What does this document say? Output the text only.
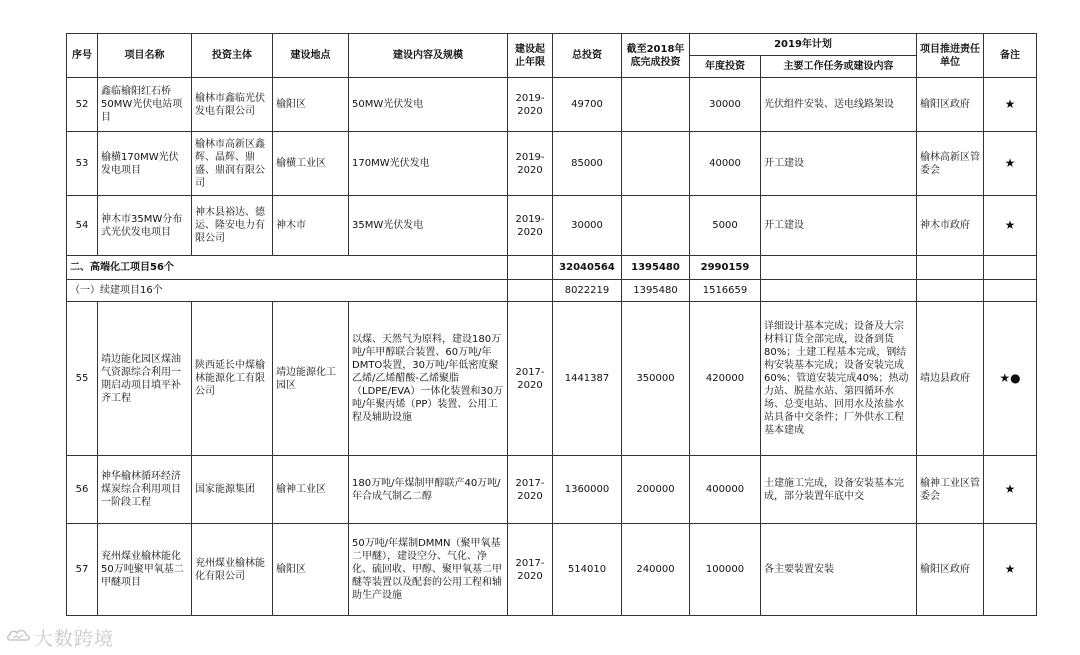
序号	项目名称	投资主体	建设地点	建设内容及规模	建设起止年限	总投资	截至2018年底完成投资	2019年计划		项目推进责任单位	备注
								年度投资	主要工作任务或建设内容		
52	鑫临榆阳红石桥50MW光伏电站项目	榆林市鑫临光伏发电有限公司	榆阳区	50MW光伏发电	2019-2020	49700		30000	光伏组件安装、送电线路架设	榆阳区政府	★
53	榆横170MW光伏发电项目	榆林市高新区鑫辉、晶辉、鼎盛、鼎润有限公司	榆横工业区	170MW光伏发电	2019-2020	85000		40000	开工建设	榆林高新区管委会	★
54	神木市35MW分布式光伏发电项目	神木县裕达、德运、隆安电力有限公司	神木市	35MW光伏发电	2019-2020	30000		5000	开工建设	神木市政府	★
二、高端化工项目56个						32040564	1395480	2990159			
（一）续建项目16个						8022219	1395480	1516659			
55	靖边能化园区煤油气资源综合利用一期启动项目填平补齐工程	陕西延长中煤榆林能源化工有限公司	靖边能源化工园区	以煤、天然气为原料，建设180万吨/年甲醇联合装置、60万吨/年DMTO装置，30万吨/年低密度聚乙烯/乙烯醋酸-乙烯聚脂（LDPE/EVA）一体化装置和30万吨/年聚丙烯（PP）装置、公用工程及辅助设施	2017-2020	1441387	350000	420000	详细设计基本完成；设备及大宗材料订货全部完成，设备到货80%；土建工程基本完成，钢结构安装基本完成；设备安装完成60%；管道安装完成40%；热动力站、脱盐水站、第四循环水场、总变电站、回用水及浓盐水站具备中交条件；厂外供水工程基本建成	靖边县政府	★●
56	神华榆林循环经济煤炭综合利用项目一阶段工程	国家能源集团	榆神工业区	180万吨/年煤制甲醇联产40万吨/年合成气制乙二醇	2017-2020	1360000	200000	400000	土建施工完成，设备安装基本完成，部分装置年底中交	榆神工业区管委会	★
57	兖州煤业榆林能化50万吨聚甲氧基二甲醚项目	兖州煤业榆林能化有限公司	榆阳区	50万吨/年煤制DMMN（聚甲氧基二甲醚），建设空分、气化、净化、硫回收、甲醇、聚甲氧基二甲醚等装置以及配套的公用工程和辅助生产设施	2017-2020	514010	240000	100000	各主要装置安装	榆阳区政府	★
大数跨境
